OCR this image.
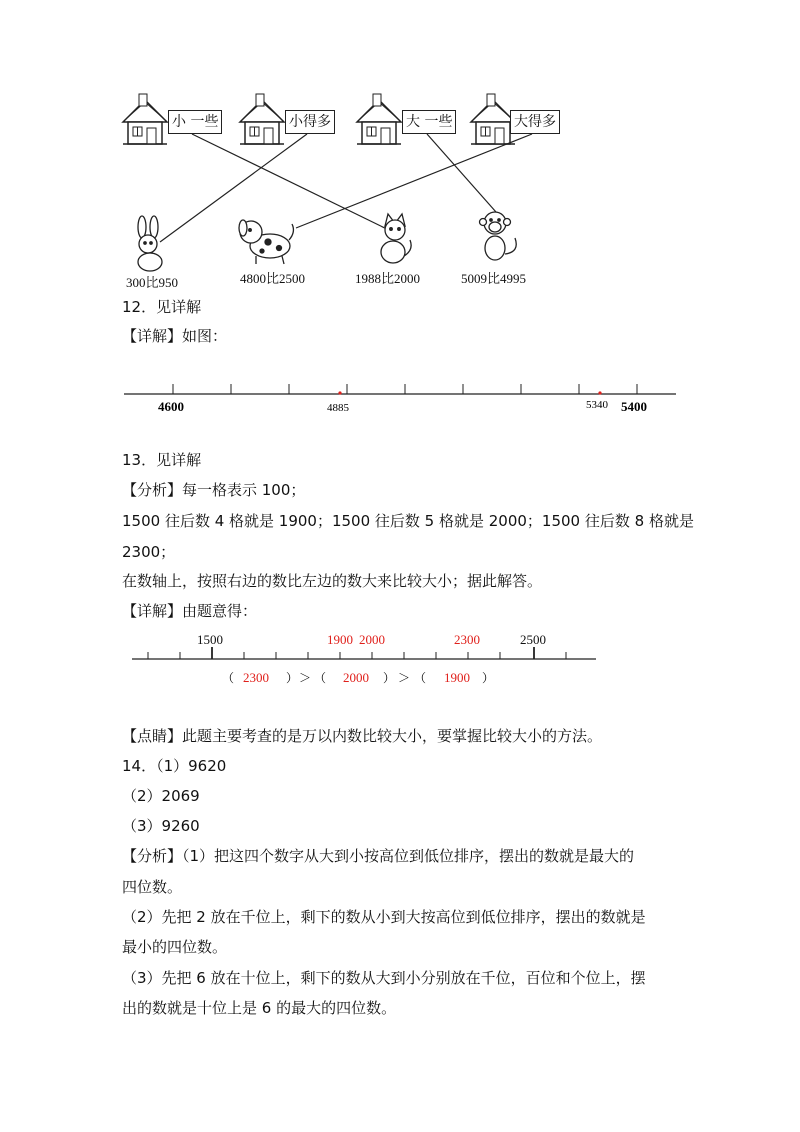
小 一些	小得多	大 一些	大得多
300比950	4800比2500	1988比2000	5009比4995
12．见详解
【详解】如图：
4600	4885	5340 5400
13．见详解
【分析】每一格表示 100；
1500 往后数 4 格就是 1900；1500 往后数 5 格就是 2000；1500 往后数 8 格就是
2300；
在数轴上，按照右边的数比左边的数大来比较大小；据此解答。
【详解】由题意得：
1500	1900 2000	2300	2500
（ 2300 ） ＞ （ 2000 ） ＞ （ 1900 ）
【点睛】此题主要考查的是万以内数比较大小，要掌握比较大小的方法。
14．（1）9620
（2）2069
（3）9260
【分析】（1）把这四个数字从大到小按高位到低位排序，摆出的数就是最大的
四位数。
（2）先把 2 放在千位上，剩下的数从小到大按高位到低位排序，摆出的数就是
最小的四位数。
（3）先把 6 放在十位上，剩下的数从大到小分别放在千位，百位和个位上，摆
出的数就是十位上是 6 的最大的四位数。
